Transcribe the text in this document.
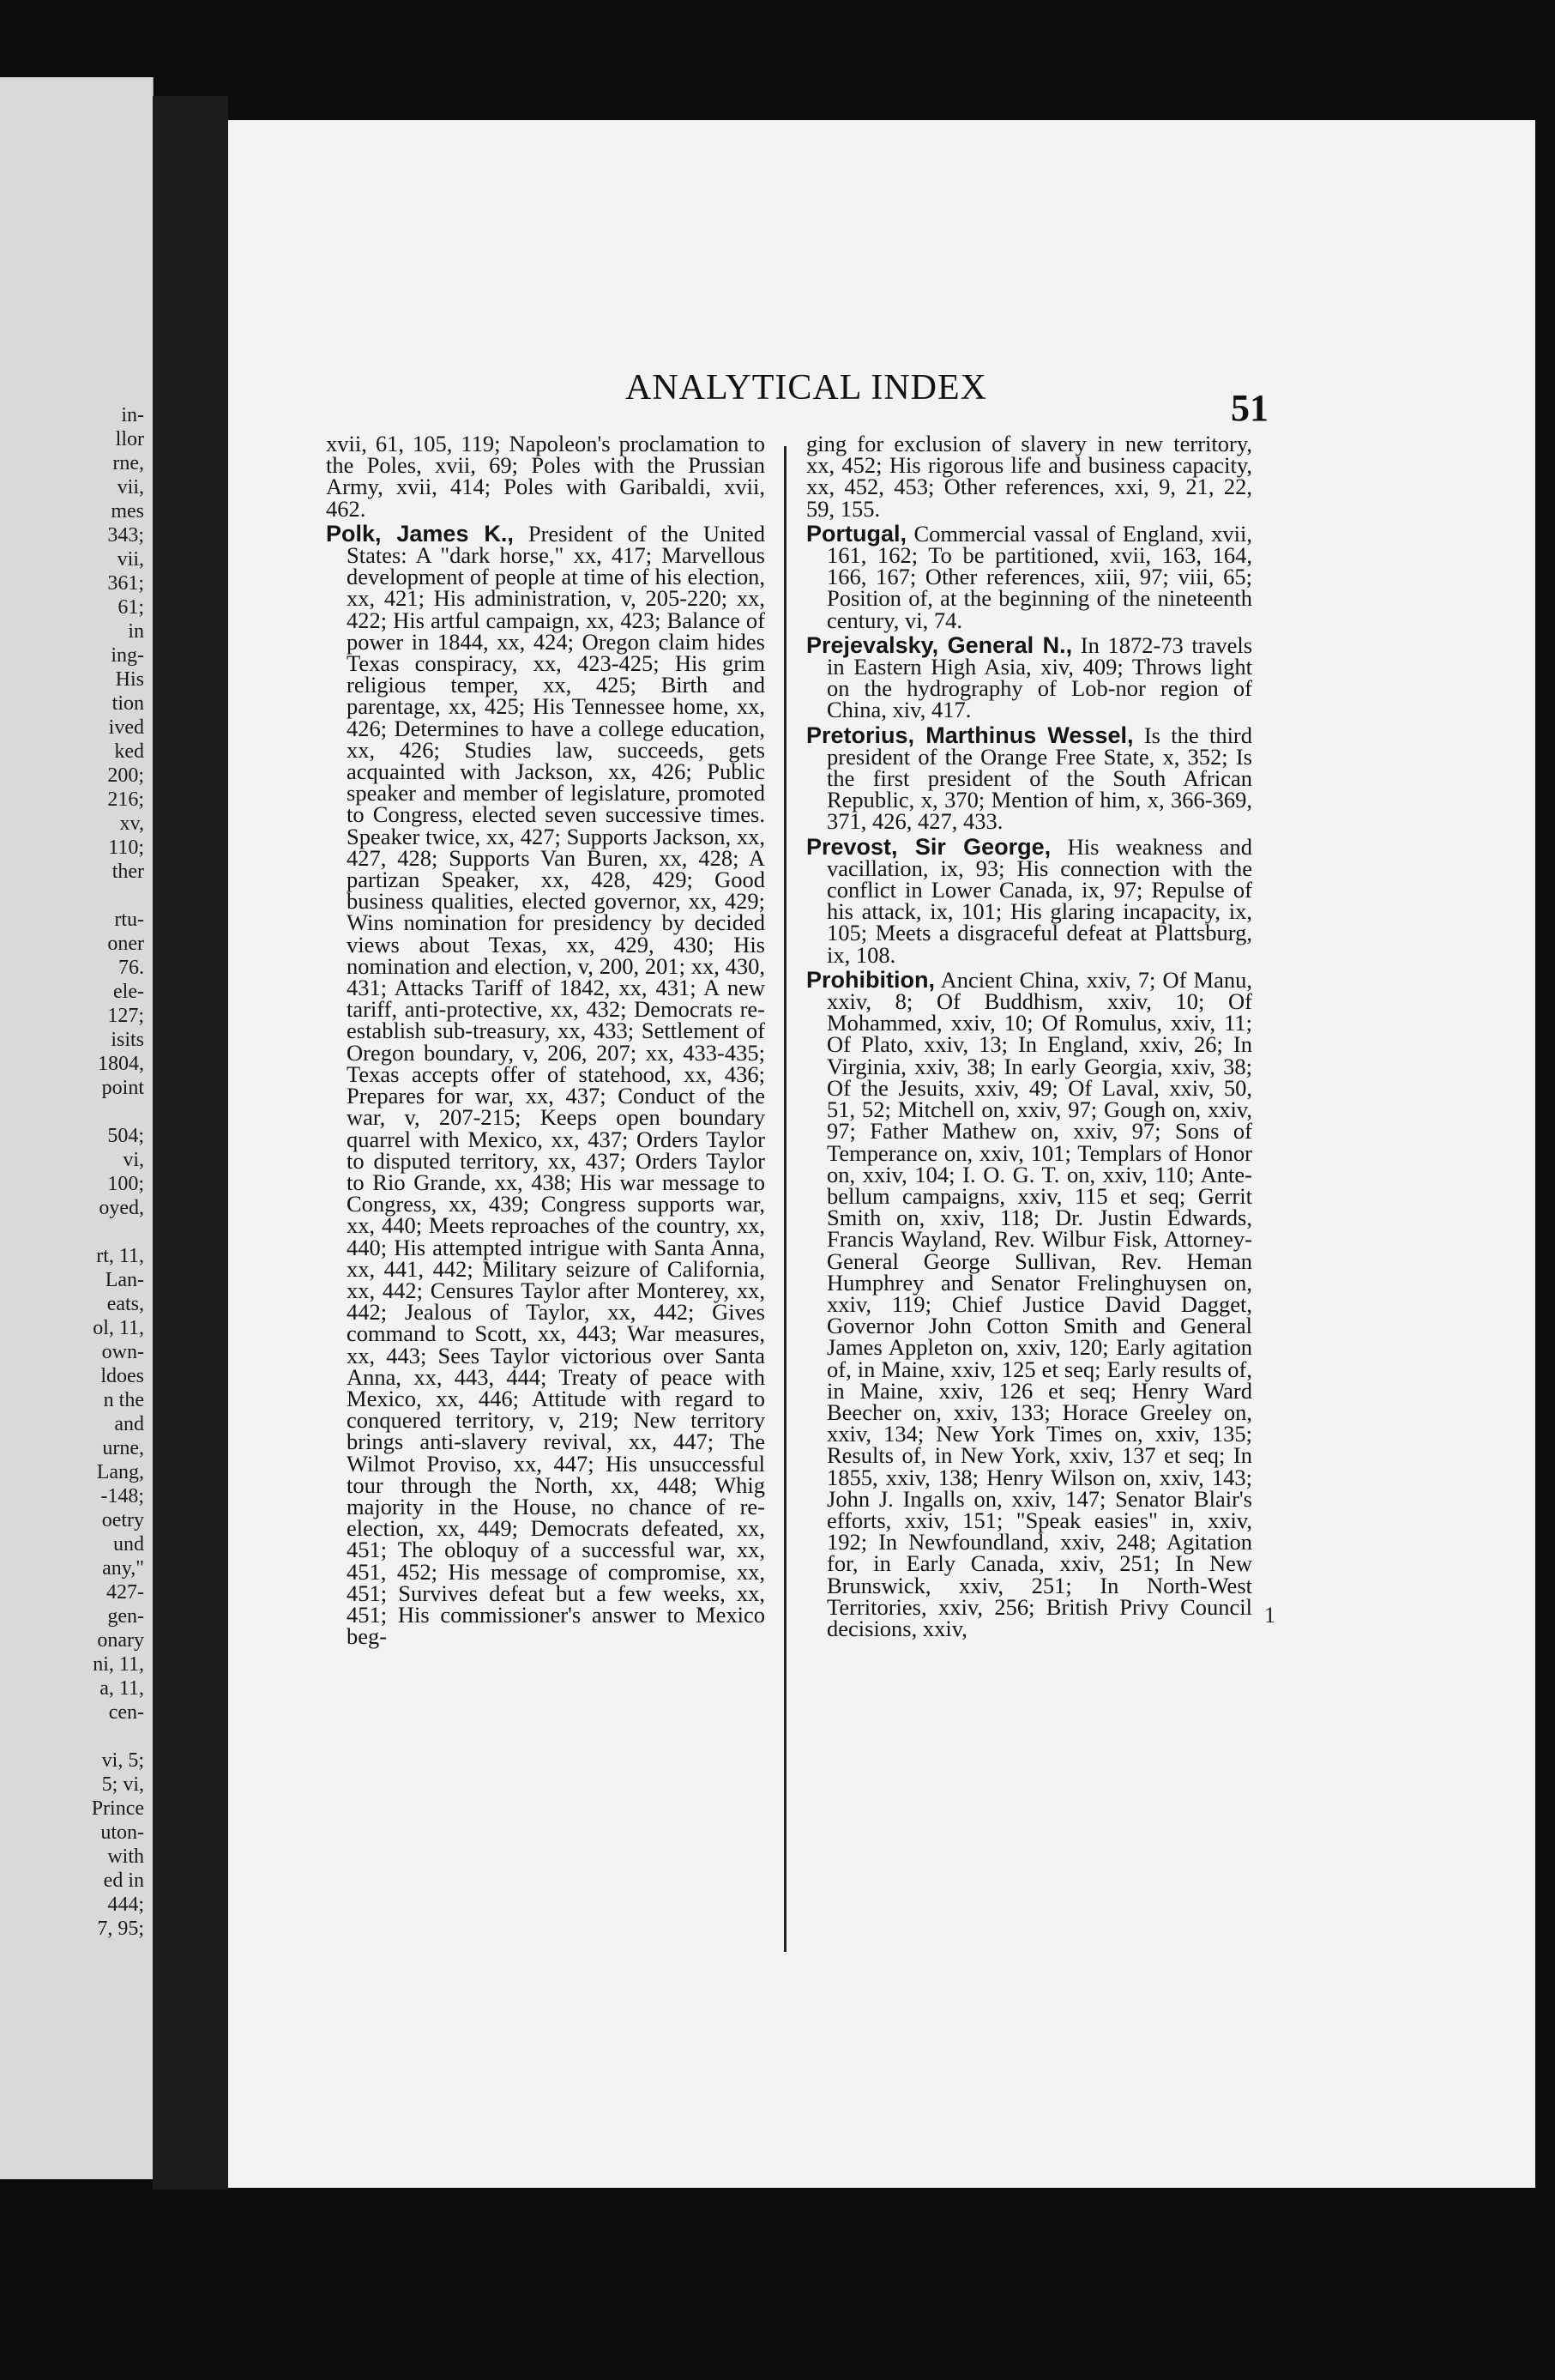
in-
llor
rne,
vii,
mes
343;
vii,
361;
61;
in
ing-
His
tion
ived
ked
200;
216;
xv,
110;
ther
rtu-
oner
76.
ele-
127;
isits
1804,
point
504;
vi,
100;
oyed,
rt, 11,
Lan-
eats,
ol, 11,
own-
ldoes
n the
and
urne,
Lang,
-148;
oetry
und
any,"
427-
gen-
onary
ni, 11,
a, 11,
cen-
vi, 5;
5; vi,
Prince
uton-
with
ed in
444;
7, 95;
ANALYTICAL INDEX	51

xvii, 61, 105, 119; Napoleon's proclamation to the Poles, xvii, 69; Poles with the Prussian Army, xvii, 414; Poles with Garibaldi, xvii, 462.

Polk, James K., President of the United States: A "dark horse," xx, 417; Marvellous development of people at time of his election, xx, 421; His administration, v, 205-220; xx, 422; His artful campaign, xx, 423; Balance of power in 1844, xx, 424; Oregon claim hides Texas conspiracy, xx, 423-425; His grim religious temper, xx, 425; Birth and parentage, xx, 425; His Tennessee home, xx, 426; Determines to have a college education, xx, 426; Studies law, succeeds, gets acquainted with Jackson, xx, 426; Public speaker and member of legislature, promoted to Congress, elected seven successive times. Speaker twice, xx, 427; Supports Jackson, xx, 427, 428; Supports Van Buren, xx, 428; A partizan Speaker, xx, 428, 429; Good business qualities, elected governor, xx, 429; Wins nomination for presidency by decided views about Texas, xx, 429, 430; His nomination and election, v, 200, 201; xx, 430, 431; Attacks Tariff of 1842, xx, 431; A new tariff, anti-protective, xx, 432; Democrats re-establish sub-treasury, xx, 433; Settlement of Oregon boundary, v, 206, 207; xx, 433-435; Texas accepts offer of statehood, xx, 436; Prepares for war, xx, 437; Conduct of the war, v, 207-215; Keeps open boundary quarrel with Mexico, xx, 437; Orders Taylor to disputed territory, xx, 437; Orders Taylor to Rio Grande, xx, 438; His war message to Congress, xx, 439; Congress supports war, xx, 440; Meets reproaches of the country, xx, 440; His attempted intrigue with Santa Anna, xx, 441, 442; Military seizure of California, xx, 442; Censures Taylor after Monterey, xx, 442; Jealous of Taylor, xx, 442; Gives command to Scott, xx, 443; War measures, xx, 443; Sees Taylor victorious over Santa Anna, xx, 443, 444; Treaty of peace with Mexico, xx, 446; Attitude with regard to conquered territory, v, 219; New territory brings anti-slavery revival, xx, 447; The Wilmot Proviso, xx, 447; His unsuccessful tour through the North, xx, 448; Whig majority in the House, no chance of re-election, xx, 449; Democrats defeated, xx, 451; The obloquy of a successful war, xx, 451, 452; His message of compromise, xx, 451; Survives defeat but a few weeks, xx, 451; His commissioner's answer to Mexico beg-

ging for exclusion of slavery in new territory, xx, 452; His rigorous life and business capacity, xx, 452, 453; Other references, xxi, 9, 21, 22, 59, 155.

Portugal, Commercial vassal of England, xvii, 161, 162; To be partitioned, xvii, 163, 164, 166, 167; Other references, xiii, 97; viii, 65; Position of, at the beginning of the nineteenth century, vi, 74.

Prejevalsky, General N., In 1872-73 travels in Eastern High Asia, xiv, 409; Throws light on the hydrography of Lob-nor region of China, xiv, 417.

Pretorius, Marthinus Wessel, Is the third president of the Orange Free State, x, 352; Is the first president of the South African Republic, x, 370; Mention of him, x, 366-369, 371, 426, 427, 433.

Prevost, Sir George, His weakness and vacillation, ix, 93; His connection with the conflict in Lower Canada, ix, 97; Repulse of his attack, ix, 101; His glaring incapacity, ix, 105; Meets a disgraceful defeat at Plattsburg, ix, 108.

Prohibition, Ancient China, xxiv, 7; Of Manu, xxiv, 8; Of Buddhism, xxiv, 10; Of Mohammed, xxiv, 10; Of Romulus, xxiv, 11; Of Plato, xxiv, 13; In England, xxiv, 26; In Virginia, xxiv, 38; In early Georgia, xxiv, 38; Of the Jesuits, xxiv, 49; Of Laval, xxiv, 50, 51, 52; Mitchell on, xxiv, 97; Gough on, xxiv, 97; Father Mathew on, xxiv, 97; Sons of Temperance on, xxiv, 101; Templars of Honor on, xxiv, 104; I. O. G. T. on, xxiv, 110; Ante-bellum campaigns, xxiv, 115 et seq; Gerrit Smith on, xxiv, 118; Dr. Justin Edwards, Francis Wayland, Rev. Wilbur Fisk, Attorney-General George Sullivan, Rev. Heman Humphrey and Senator Frelinghuysen on, xxiv, 119; Chief Justice David Dagget, Governor John Cotton Smith and General James Appleton on, xxiv, 120; Early agitation of, in Maine, xxiv, 125 et seq; Early results of, in Maine, xxiv, 126 et seq; Henry Ward Beecher on, xxiv, 133; Horace Greeley on, xxiv, 134; New York Times on, xxiv, 135; Results of, in New York, xxiv, 137 et seq; In 1855, xxiv, 138; Henry Wilson on, xxiv, 143; John J. Ingalls on, xxiv, 147; Senator Blair's efforts, xxiv, 151; "Speak easies" in, xxiv, 192; In Newfoundland, xxiv, 248; Agitation for, in Early Canada, xxiv, 251; In New Brunswick, xxiv, 251; In North-West Territories, xxiv, 256; British Privy Council decisions, xxiv,

1
